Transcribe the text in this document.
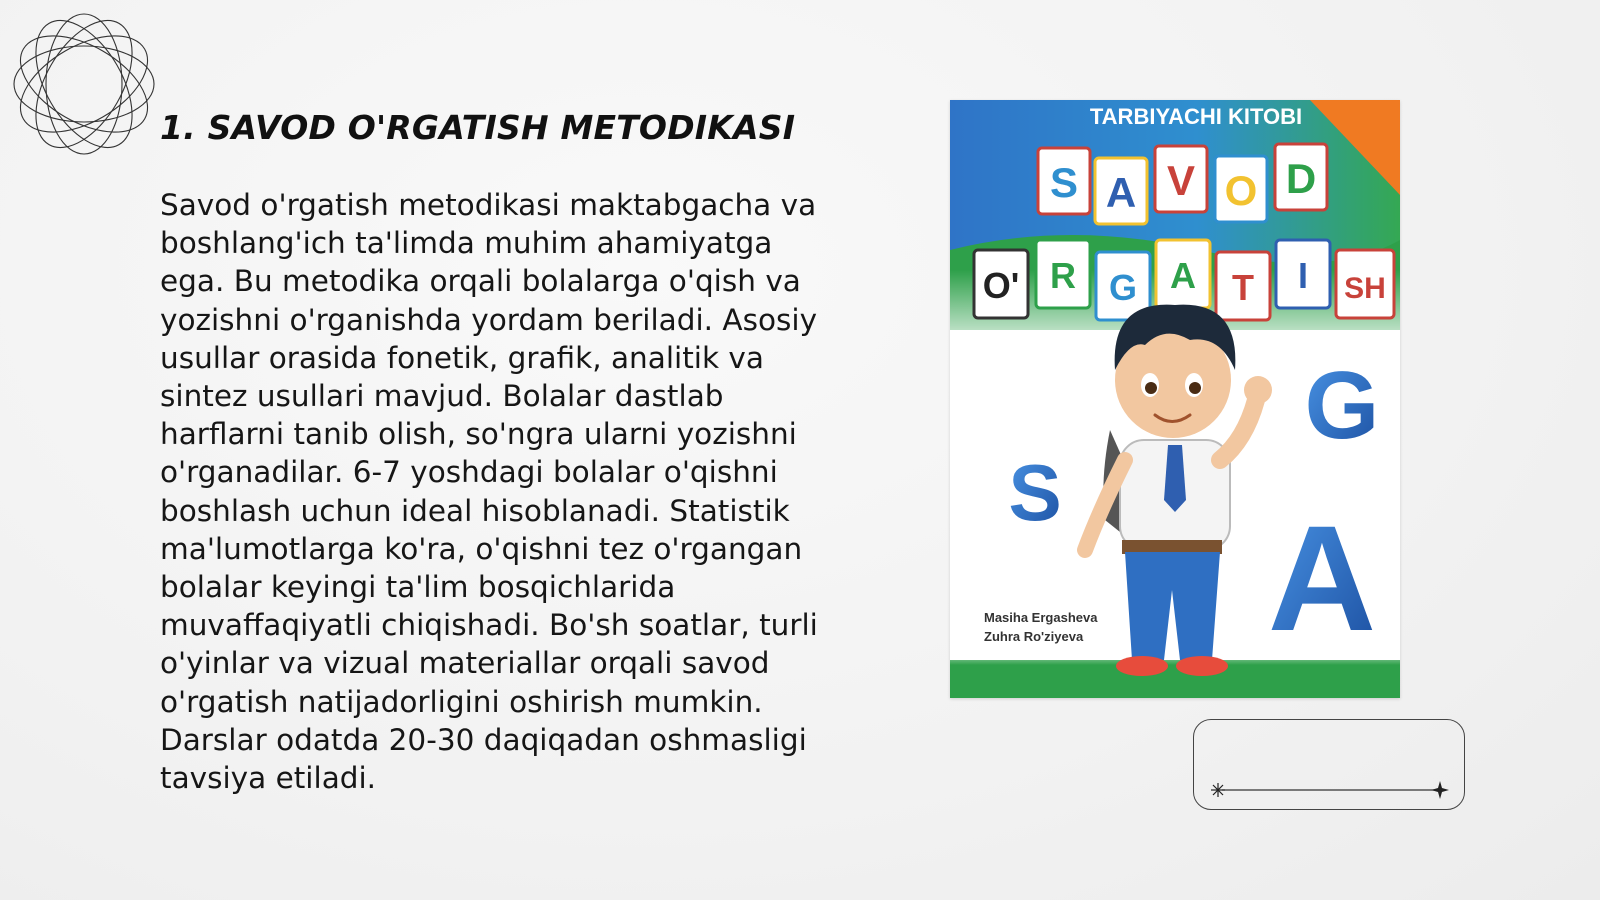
1. SAVOD O'RGATISH METODIKASI

Savod o'rgatish metodikasi maktabgacha va boshlang'ich ta'limda muhim ahamiyatga ega. Bu metodika orqali bolalarga o'qish va yozishni o'rganishda yordam beriladi. Asosiy usullar orasida fonetik, grafik, analitik va sintez usullari mavjud. Bolalar dastlab harflarni tanib olish, so'ngra ularni yozishni o'rganadilar. 6-7 yoshdagi bolalar o'qishni boshlash uchun ideal hisoblanadi. Statistik ma'lumotlarga ko'ra, o'qishni tez o'rgangan bolalar keyingi ta'lim bosqichlarida muvaffaqiyatli chiqishadi. Bo'sh soatlar, turli o'yinlar va vizual materiallar orqali savod o'rgatish natijadorligini oshirish mumkin. Darslar odatda 20-30 daqiqadan oshmasligi tavsiya etiladi.

TARBIYACHI KITOBI
S A V O D
O' R G A T I SH
G
S
A
Masiha Ergasheva
Zuhra Ro'ziyeva
